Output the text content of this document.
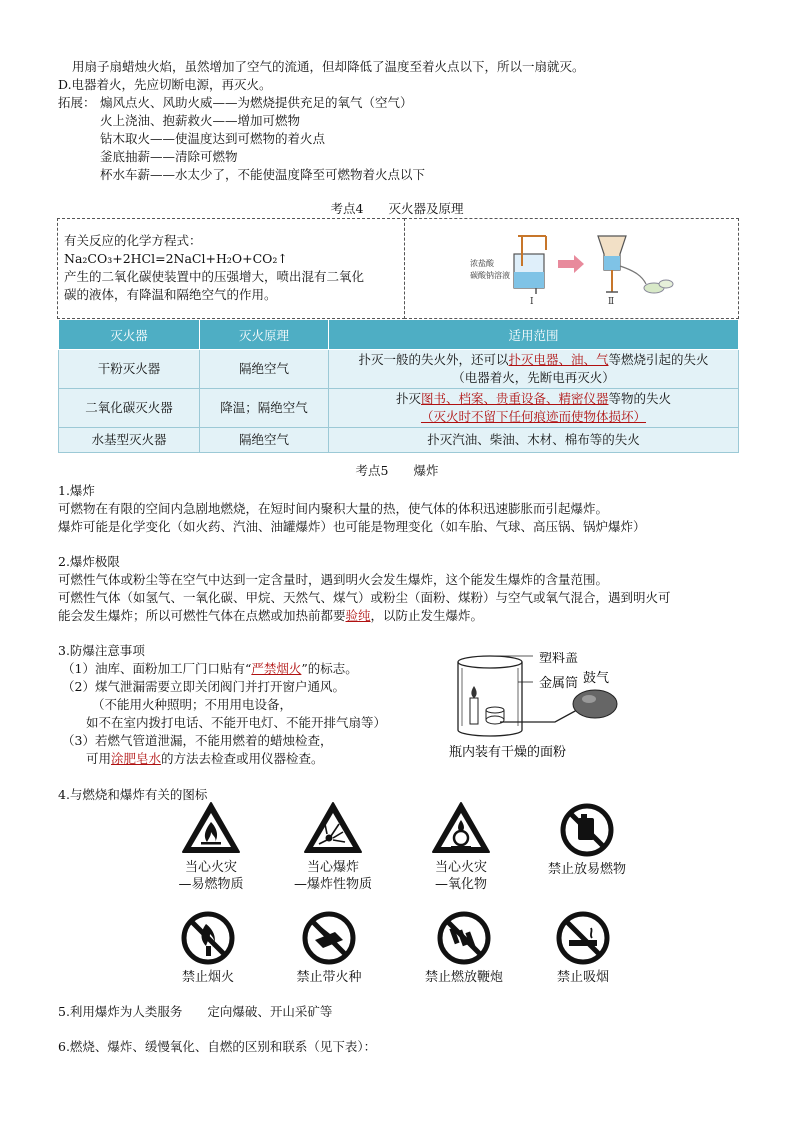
用扇子扇蜡烛火焰，虽然增加了空气的流通，但却降低了温度至着火点以下，所以一扇就灭。
D.电器着火，先应切断电源，再灭火。
拓展： 煽风点火、风助火威——为燃烧提供充足的氧气（空气）
火上浇油、抱薪救火——增加可燃物
钻木取火——使温度达到可燃物的着火点
釜底抽薪——清除可燃物
杯水车薪——水太少了，不能使温度降至可燃物着火点以下
考点4　　灭火器及原理
有关反应的化学方程式：
Na₂CO₃+2HCl=2NaCl+H₂O+CO₂↑
产生的二氧化碳使装置中的压强增大，喷出混有二氧化
碳的液体，有降温和隔绝空气的作用。
浓盐酸
碳酸钠溶液
Ⅰ	Ⅱ
灭火器	灭火原理	适用范围
干粉灭火器	隔绝空气	扑灭一般的失火外，还可以扑灭电器、油、气等燃烧引起的失火
（电器着火，先断电再灭火）
二氧化碳灭火器	降温；隔绝空气	扑灭图书、档案、贵重设备、精密仪器等物的失火
（灭火时不留下任何痕迹而使物体损坏）
水基型灭火器	隔绝空气	扑灭汽油、柴油、木材、棉布等的失火
考点5　　爆炸
1.爆炸
可燃物在有限的空间内急剧地燃烧，在短时间内聚积大量的热，使气体的体积迅速膨胀而引起爆炸。
爆炸可能是化学变化（如火药、汽油、油罐爆炸）也可能是物理变化（如车胎、气球、高压锅、锅炉爆炸）
2.爆炸极限
可燃性气体或粉尘等在空气中达到一定含量时，遇到明火会发生爆炸，这个能发生爆炸的含量范围。
可燃性气体（如氢气、一氧化碳、甲烷、天然气、煤气）或粉尘（面粉、煤粉）与空气或氧气混合，遇到明火可
能会发生爆炸；所以可燃性气体在点燃或加热前都要验纯，以防止发生爆炸。
3.防爆注意事项
（1）油库、面粉加工厂门口贴有“严禁烟火”的标志。
（2）煤气泄漏需要立即关闭阀门并打开窗户通风。
（不能用火种照明；不用用电设备，
如不在室内拨打电话、不能开电灯、不能开排气扇等）
（3）若燃气管道泄漏，不能用燃着的蜡烛检查，
可用涂肥皂水的方法去检查或用仪器检查。
塑料盖
金属筒 鼓气
瓶内装有干燥的面粉
4.与燃烧和爆炸有关的图标
当心火灾
—易燃物质
当心爆炸
—爆炸性物质
当心火灾
—氧化物
禁止放易燃物
禁止烟火	禁止带火种	禁止燃放鞭炮	禁止吸烟
5.利用爆炸为人类服务　　定向爆破、开山采矿等
6.燃烧、爆炸、缓慢氧化、自燃的区别和联系（见下表）：
